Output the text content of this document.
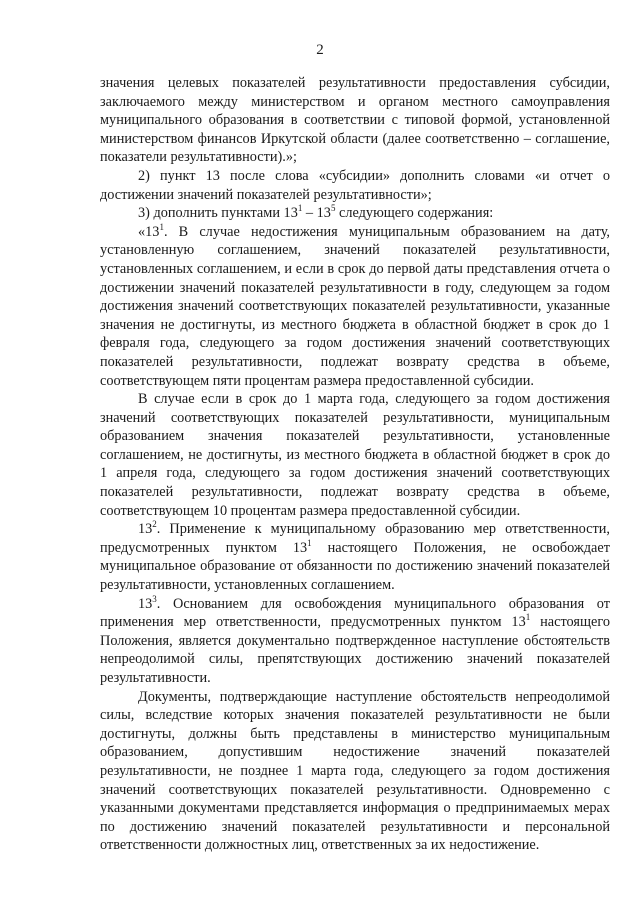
2

значения целевых показателей результативности предоставления субсидии, заключаемого между министерством и органом местного самоуправления муниципального образования в соответствии с типовой формой, установленной министерством финансов Иркутской области (далее соответственно – соглашение, показатели результативности).»;

2) пункт 13 после слова «субсидии» дополнить словами «и отчет о достижении значений показателей результативности»;

3) дополнить пунктами $13^1 - 13^5$ следующего содержания:

«$13^1$. В случае недостижения муниципальным образованием на дату, установленную соглашением, значений показателей результативности, установленных соглашением, и если в срок до первой даты представления отчета о достижении значений показателей результативности в году, следующем за годом достижения значений соответствующих показателей результативности, указанные значения не достигнуты, из местного бюджета в областной бюджет в срок до 1 февраля года, следующего за годом достижения значений соответствующих показателей результативности, подлежат возврату средства в объеме, соответствующем пяти процентам размера предоставленной субсидии.

В случае если в срок до 1 марта года, следующего за годом достижения значений соответствующих показателей результативности, муниципальным образованием значения показателей результативности, установленные соглашением, не достигнуты, из местного бюджета в областной бюджет в срок до 1 апреля года, следующего за годом достижения значений соответствующих показателей результативности, подлежат возврату средства в объеме, соответствующем 10 процентам размера предоставленной субсидии.

$13^2$. Применение к муниципальному образованию мер ответственности, предусмотренных пунктом $13^1$ настоящего Положения, не освобождает муниципальное образование от обязанности по достижению значений показателей результативности, установленных соглашением.

$13^3$. Основанием для освобождения муниципального образования от применения мер ответственности, предусмотренных пунктом $13^1$ настоящего Положения, является документально подтвержденное наступление обстоятельств непреодолимой силы, препятствующих достижению значений показателей результативности.

Документы, подтверждающие наступление обстоятельств непреодолимой силы, вследствие которых значения показателей результативности не были достигнуты, должны быть представлены в министерство муниципальным образованием, допустившим недостижение значений показателей результативности, не позднее 1 марта года, следующего за годом достижения значений соответствующих показателей результативности. Одновременно с указанными документами представляется информация о предпринимаемых мерах по достижению значений показателей результативности и персональной ответственности должностных лиц, ответственных за их недостижение.
